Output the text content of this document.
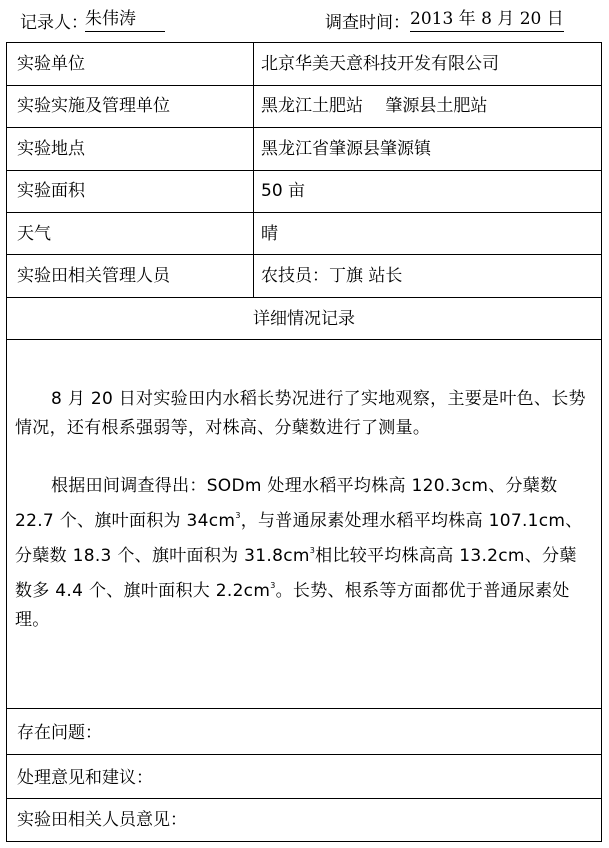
记录人：
朱伟涛	调查时间： 2013 年 8 月 20 日
实验单位	北京华美天意科技开发有限公司
实验实施及管理单位	黑龙江土肥站　 肇源县土肥站
实验地点	黑龙江省肇源县肇源镇
实验面积	50 亩
天气	晴
实验田相关管理人员	农技员：丁旗 站长
详细情况记录
8 月 20 日对实验田内水稻长势况进行了实地观察，主要是叶色、长势情况，还有根系强弱等，对株高、分蘖数进行了测量。
根据田间调查得出：SODm 处理水稻平均株高 120.3cm、分蘖数 22.7 个、旗叶面积为 $34cm^3$，与普通尿素处理水稻平均株高 107.1cm、分蘖数 18.3 个、旗叶面积为 $31.8cm^3$相比较平均株高高 13.2cm、分蘖数多 4.4 个、旗叶面积大 $2.2cm^3$。长势、根系等方面都优于普通尿素处理。
存在问题：
处理意见和建议：
实验田相关人员意见：
